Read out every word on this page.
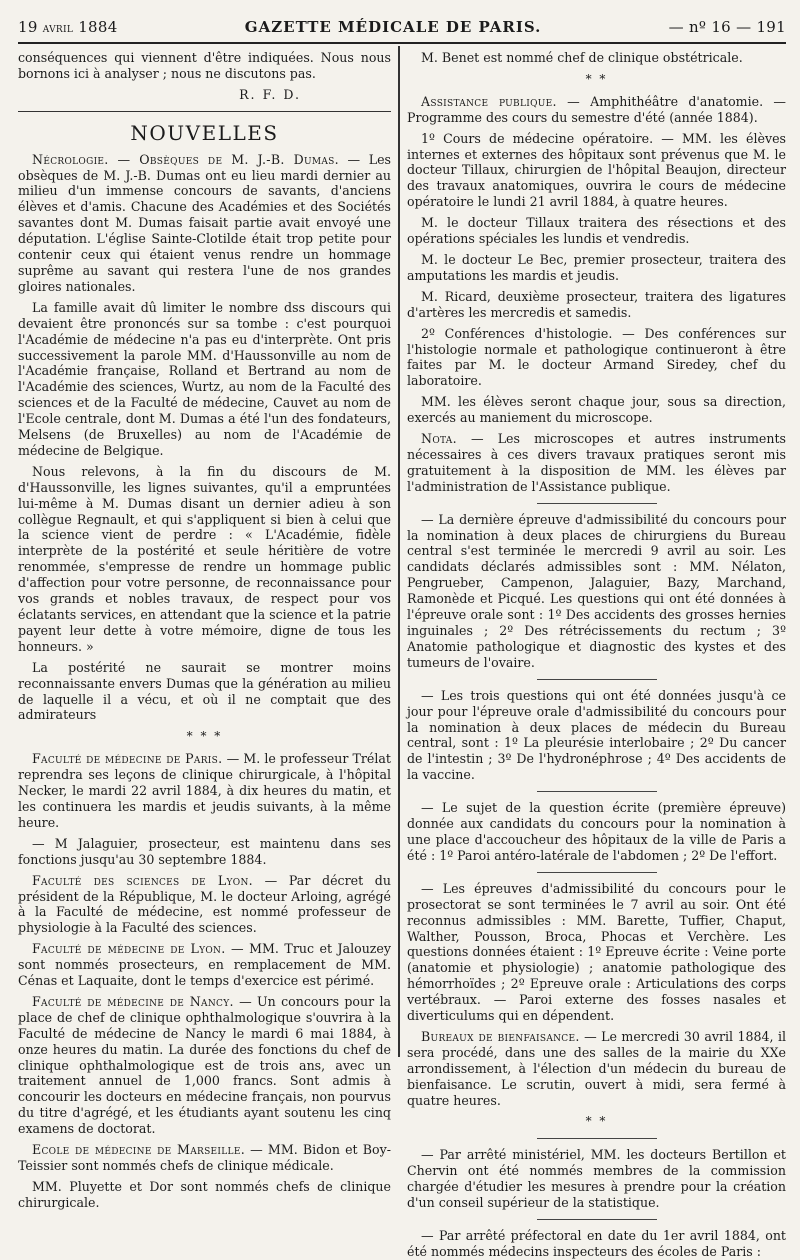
19 avril 1884	GAZETTE MÉDICALE DE PARIS.	— nº 16 — 191

conséquences qui viennent d'être indiquées. Nous nous bornons ici à analyser ; nous ne discutons pas.

R. F. D.

NOUVELLES

Nécrologie. — Obsèques de M. J.-B. Dumas. — Les obsèques de M. J.-B. Dumas ont eu lieu mardi dernier au milieu d'un immense concours de savants, d'anciens élèves et d'amis. Chacune des Académies et des Sociétés savantes dont M. Dumas faisait partie avait envoyé une députation. L'église Sainte-Clotilde était trop petite pour contenir ceux qui étaient venus rendre un hommage suprême au savant qui restera l'une de nos grandes gloires nationales.

La famille avait dû limiter le nombre dss discours qui devaient être prononcés sur sa tombe : c'est pourquoi l'Académie de médecine n'a pas eu d'interprète. Ont pris successivement la parole MM. d'Haussonville au nom de l'Académie française, Rolland et Bertrand au nom de l'Académie des sciences, Wurtz, au nom de la Faculté des sciences et de la Faculté de médecine, Cauvet au nom de l'Ecole centrale, dont M. Dumas a été l'un des fondateurs, Melsens (de Bruxelles) au nom de l'Académie de médecine de Belgique.

Nous relevons, à la fin du discours de M. d'Haussonville, les lignes suivantes, qu'il a empruntées lui-même à M. Dumas disant un dernier adieu à son collègue Regnault, et qui s'appliquent si bien à celui que la science vient de perdre : « L'Académie, fidèle interprète de la postérité et seule héritière de votre renommée, s'empresse de rendre un hommage public d'affection pour votre personne, de reconnaissance pour vos grands et nobles travaux, de respect pour vos éclatants services, en attendant que la science et la patrie payent leur dette à votre mémoire, digne de tous les honneurs. »

La postérité ne saurait se montrer moins reconnaissante envers Dumas que la génération au milieu de laquelle il a vécu, et où il ne comptait que des admirateurs

* * *

Faculté de médecine de Paris. — M. le professeur Trélat reprendra ses leçons de clinique chirurgicale, à l'hôpital Necker, le mardi 22 avril 1884, à dix heures du matin, et les continuera les mardis et jeudis suivants, à la même heure.

— M Jalaguier, prosecteur, est maintenu dans ses fonctions jusqu'au 30 septembre 1884.

Faculté des sciences de Lyon. — Par décret du président de la République, M. le docteur Arloing, agrégé à la Faculté de médecine, est nommé professeur de physiologie à la Faculté des sciences.

Faculté de médecine de Lyon. — MM. Truc et Jalouzey sont nommés prosecteurs, en remplacement de MM. Cénas et Laquaite, dont le temps d'exercice est périmé.

Faculté de médecine de Nancy. — Un concours pour la place de chef de clinique ophthalmologique s'ouvrira à la Faculté de médecine de Nancy le mardi 6 mai 1884, à onze heures du matin. La durée des fonctions du chef de clinique ophthalmologique est de trois ans, avec un traitement annuel de 1,000 francs. Sont admis à concourir les docteurs en médecine français, non pourvus du titre d'agrégé, et les étudiants ayant soutenu les cinq examens de doctorat.

Ecole de médecine de Marseille. — MM. Bidon et Boy-Teissier sont nommés chefs de clinique médicale.

MM. Pluyette et Dor sont nommés chefs de clinique chirurgicale.

M. Benet est nommé chef de clinique obstétricale.

* *

Assistance publique. — Amphithéâtre d'anatomie. — Programme des cours du semestre d'été (année 1884).

1º Cours de médecine opératoire. — MM. les élèves internes et externes des hôpitaux sont prévenus que M. le docteur Tillaux, chirurgien de l'hôpital Beaujon, directeur des travaux anatomiques, ouvrira le cours de médecine opératoire le lundi 21 avril 1884, à quatre heures.

M. le docteur Tillaux traitera des résections et des opérations spéciales les lundis et vendredis.

M. le docteur Le Bec, premier prosecteur, traitera des amputations les mardis et jeudis.

M. Ricard, deuxième prosecteur, traitera des ligatures d'artères les mercredis et samedis.

2º Conférences d'histologie. — Des conférences sur l'histologie normale et pathologique continueront à être faites par M. le docteur Armand Siredey, chef du laboratoire.

MM. les élèves seront chaque jour, sous sa direction, exercés au maniement du microscope.

Nota. — Les microscopes et autres instruments nécessaires à ces divers travaux pratiques seront mis gratuitement à la disposition de MM. les élèves par l'administration de l'Assistance publique.

— La dernière épreuve d'admissibilité du concours pour la nomination à deux places de chirurgiens du Bureau central s'est terminée le mercredi 9 avril au soir. Les candidats déclarés admissibles sont : MM. Nélaton, Pengrueber, Campenon, Jalaguier, Bazy, Marchand, Ramonède et Picqué. Les questions qui ont été données à l'épreuve orale sont : 1º Des accidents des grosses hernies inguinales ; 2º Des rétrécissements du rectum ; 3º Anatomie pathologique et diagnostic des kystes et des tumeurs de l'ovaire.

— Les trois questions qui ont été données jusqu'à ce jour pour l'épreuve orale d'admissibilité du concours pour la nomination à deux places de médecin du Bureau central, sont : 1º La pleurésie interlobaire ; 2º Du cancer de l'intestin ; 3º De l'hydronéphrose ; 4º Des accidents de la vaccine.

— Le sujet de la question écrite (première épreuve) donnée aux candidats du concours pour la nomination à une place d'accoucheur des hôpitaux de la ville de Paris a été : 1º Paroi antéro-latérale de l'abdomen ; 2º De l'effort.

— Les épreuves d'admissibilité du concours pour le prosectorat se sont terminées le 7 avril au soir. Ont été reconnus admissibles : MM. Barette, Tuffier, Chaput, Walther, Pousson, Broca, Phocas et Verchère. Les questions données étaient : 1º Epreuve écrite : Veine porte (anatomie et physiologie) ; anatomie pathologique des hémorrhoïdes ; 2º Epreuve orale : Articulations des corps vertébraux. — Paroi externe des fosses nasales et diverticulums qui en dépendent.

Bureaux de bienfaisance. — Le mercredi 30 avril 1884, il sera procédé, dans une des salles de la mairie du XXe arrondissement, à l'élection d'un médecin du bureau de bienfaisance. Le scrutin, ouvert à midi, sera fermé à quatre heures.

* *

— Par arrêté ministériel, MM. les docteurs Bertillon et Chervin ont été nommés membres de la commission chargée d'étudier les mesures à prendre pour la création d'un conseil supérieur de la statistique.

— Par arrêté préfectoral en date du 1er avril 1884, ont été nommés médecins inspecteurs des écoles de Paris :
